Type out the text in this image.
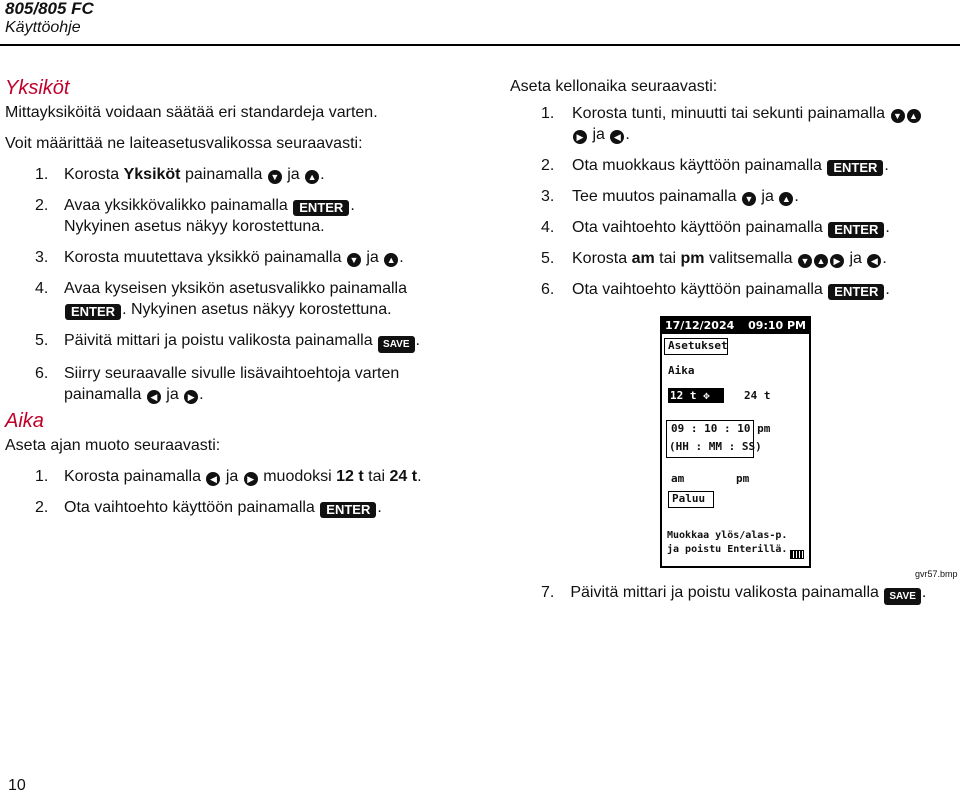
805/805 FC
Käyttöohje
Yksiköt
Mittayksiköitä voidaan säätää eri standardeja varten.
Voit määrittää ne laiteasetusvalikossa seuraavasti:
1. Korosta Yksiköt painamalla ▼ ja ▲ .
2. Avaa yksikkövalikko painamalla ENTER .
Nykyinen asetus näkyy korostettuna.
3. Korosta muutettava yksikkö painamalla ▼ ja ▲ .
4. Avaa kyseisen yksikön asetusvalikko painamalla
ENTER . Nykyinen asetus näkyy korostettuna.
5. Päivitä mittari ja poistu valikosta painamalla SAVE .
6. Siirry seuraavalle sivulle lisävaihtoehtoja varten
painamalla ◀ ja ▶ .
Aika
Aseta ajan muoto seuraavasti:
1. Korosta painamalla ◀ ja ▶ muodoksi 12 t tai 24 t.
2. Ota vaihtoehto käyttöön painamalla ENTER .
Aseta kellonaika seuraavasti:
1. Korosta tunti, minuutti tai sekunti painamalla ▼ ▲
▶ ja ◀ .
2. Ota muokkaus käyttöön painamalla ENTER .
3. Tee muutos painamalla ▼ ja ▲ .
4. Ota vaihtoehto käyttöön painamalla ENTER .
5. Korosta am tai pm valitsemalla ▼ ▲ ▶ ja ◀ .
6. Ota vaihtoehto käyttöön painamalla ENTER .
17/12/2024 09:10 PM
Asetukset
Aika
12 t ✥	24 t
09 : 10 : 10 pm
(HH : MM : SS)
am	pm
Paluu
Muokkaa ylös/alas-p.
ja poistu Enterillä.
gvr57.bmp
7. Päivitä mittari ja poistu valikosta painamalla SAVE .
10
